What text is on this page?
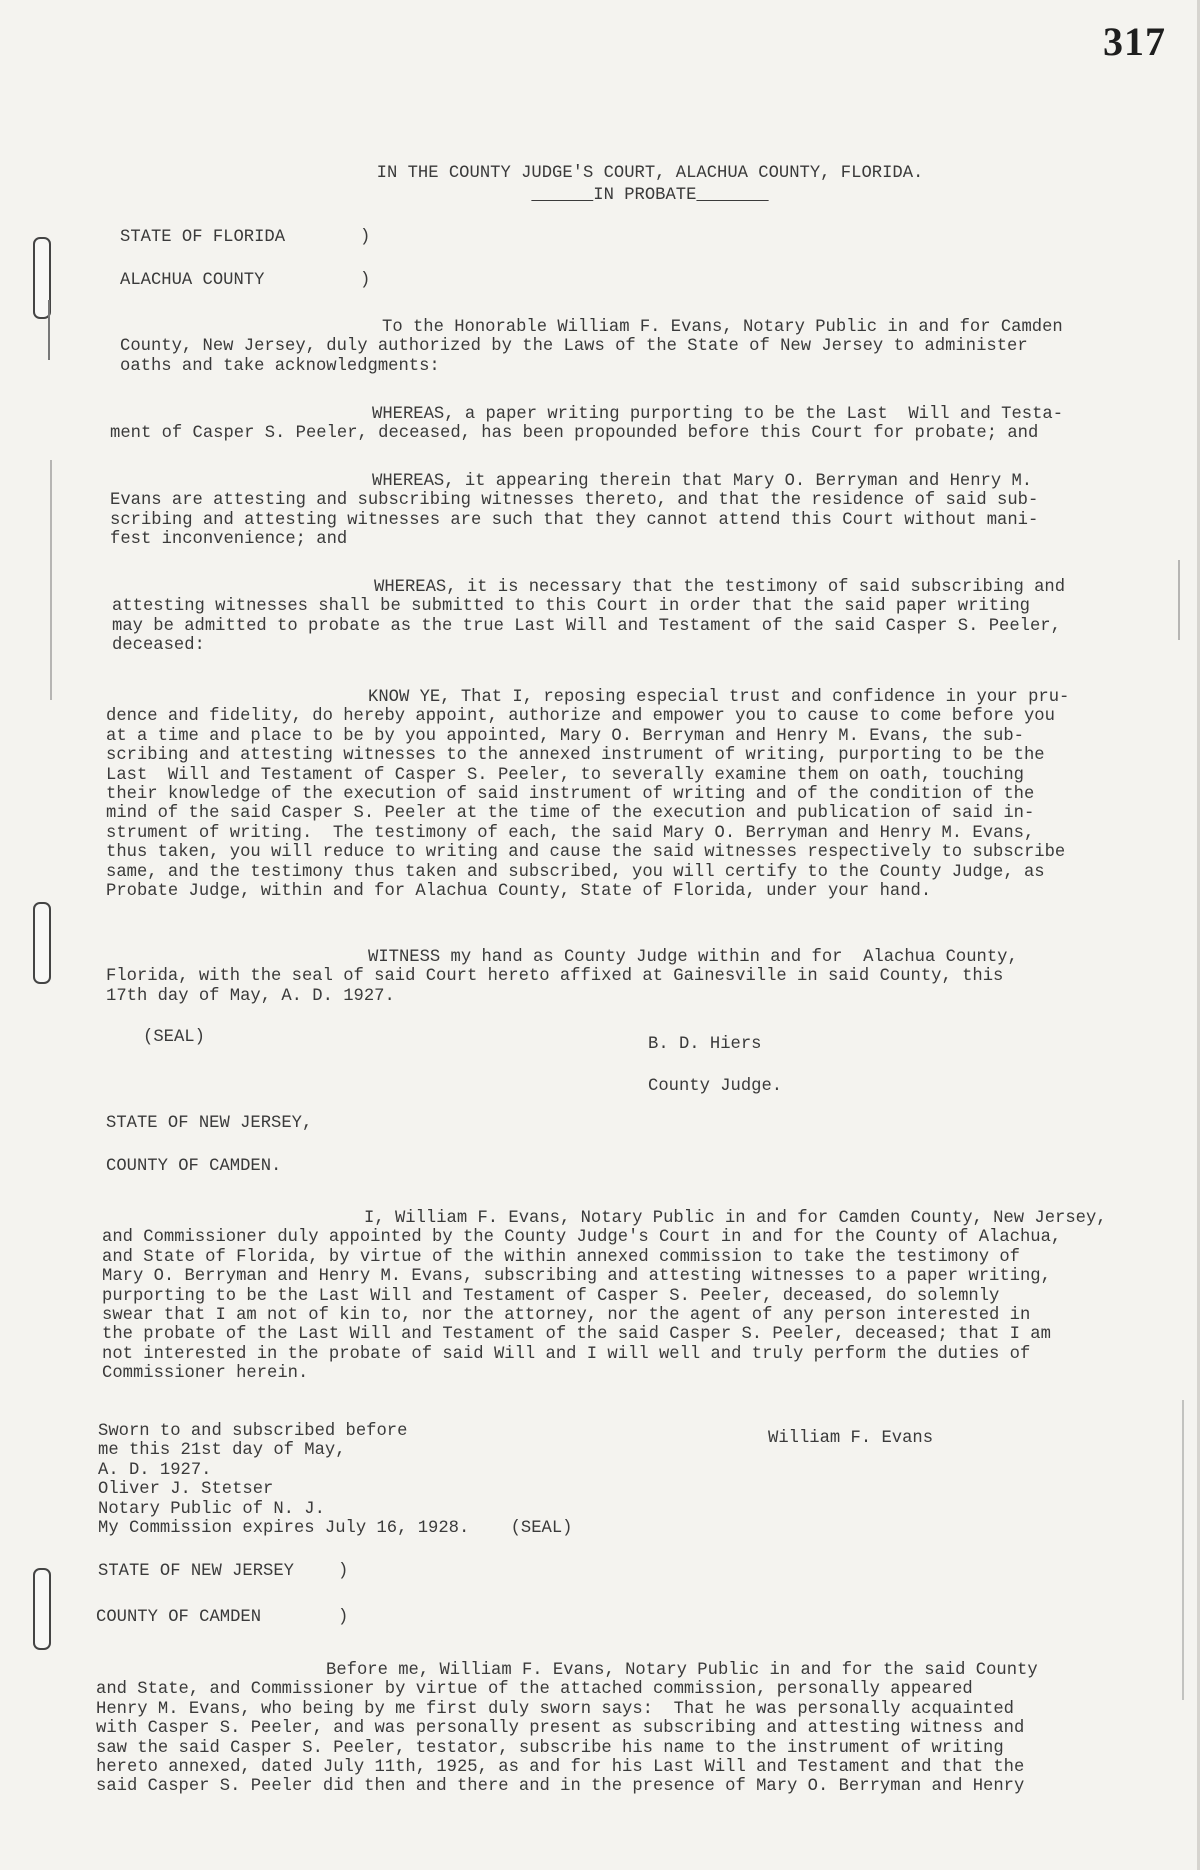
317
IN THE COUNTY JUDGE'S COURT, ALACHUA COUNTY, FLORIDA.
IN PROBATE
STATE OF FLORIDA	)
ALACHUA COUNTY	)
To the Honorable William F. Evans, Notary Public in and for Camden
County, New Jersey, duly authorized by the Laws of the State of New Jersey to administer
oaths and take acknowledgments:
WHEREAS, a paper writing purporting to be the Last  Will and Testa-
ment of Casper S. Peeler, deceased, has been propounded before this Court for probate; and
WHEREAS, it appearing therein that Mary O. Berryman and Henry M.
Evans are attesting and subscribing witnesses thereto, and that the residence of said sub-
scribing and attesting witnesses are such that they cannot attend this Court without mani-
fest inconvenience; and
WHEREAS, it is necessary that the testimony of said subscribing and
attesting witnesses shall be submitted to this Court in order that the said paper writing
may be admitted to probate as the true Last Will and Testament of the said Casper S. Peeler,
deceased:
KNOW YE, That I, reposing especial trust and confidence in your pru-
dence and fidelity, do hereby appoint, authorize and empower you to cause to come before you
at a time and place to be by you appointed, Mary O. Berryman and Henry M. Evans, the sub-
scribing and attesting witnesses to the annexed instrument of writing, purporting to be the
Last  Will and Testament of Casper S. Peeler, to severally examine them on oath, touching
their knowledge of the execution of said instrument of writing and of the condition of the
mind of the said Casper S. Peeler at the time of the execution and publication of said in-
strument of writing.  The testimony of each, the said Mary O. Berryman and Henry M. Evans,
thus taken, you will reduce to writing and cause the said witnesses respectively to subscribe
same, and the testimony thus taken and subscribed, you will certify to the County Judge, as
Probate Judge, within and for Alachua County, State of Florida, under your hand.
WITNESS my hand as County Judge within and for  Alachua County,
Florida, with the seal of said Court hereto affixed at Gainesville in said County, this
17th day of May, A. D. 1927.
(SEAL)	B. D. Hiers
County Judge.
STATE OF NEW JERSEY,
COUNTY OF CAMDEN.
I, William F. Evans, Notary Public in and for Camden County, New Jersey,
and Commissioner duly appointed by the County Judge's Court in and for the County of Alachua,
and State of Florida, by virtue of the within annexed commission to take the testimony of
Mary O. Berryman and Henry M. Evans, subscribing and attesting witnesses to a paper writing,
purporting to be the Last Will and Testament of Casper S. Peeler, deceased, do solemnly
swear that I am not of kin to, nor the attorney, nor the agent of any person interested in
the probate of the Last Will and Testament of the said Casper S. Peeler, deceased; that I am
not interested in the probate of said Will and I will well and truly perform the duties of
Commissioner herein.
Sworn to and subscribed before
me this 21st day of May,
A. D. 1927.
Oliver J. Stetser
Notary Public of N. J.
My Commission expires July 16, 1928.    (SEAL)
William F. Evans
STATE OF NEW JERSEY	)
COUNTY OF CAMDEN	)
Before me, William F. Evans, Notary Public in and for the said County
and State, and Commissioner by virtue of the attached commission, personally appeared
Henry M. Evans, who being by me first duly sworn says:  That he was personally acquainted
with Casper S. Peeler, and was personally present as subscribing and attesting witness and
saw the said Casper S. Peeler, testator, subscribe his name to the instrument of writing
hereto annexed, dated July 11th, 1925, as and for his Last Will and Testament and that the
said Casper S. Peeler did then and there and in the presence of Mary O. Berryman and Henry
